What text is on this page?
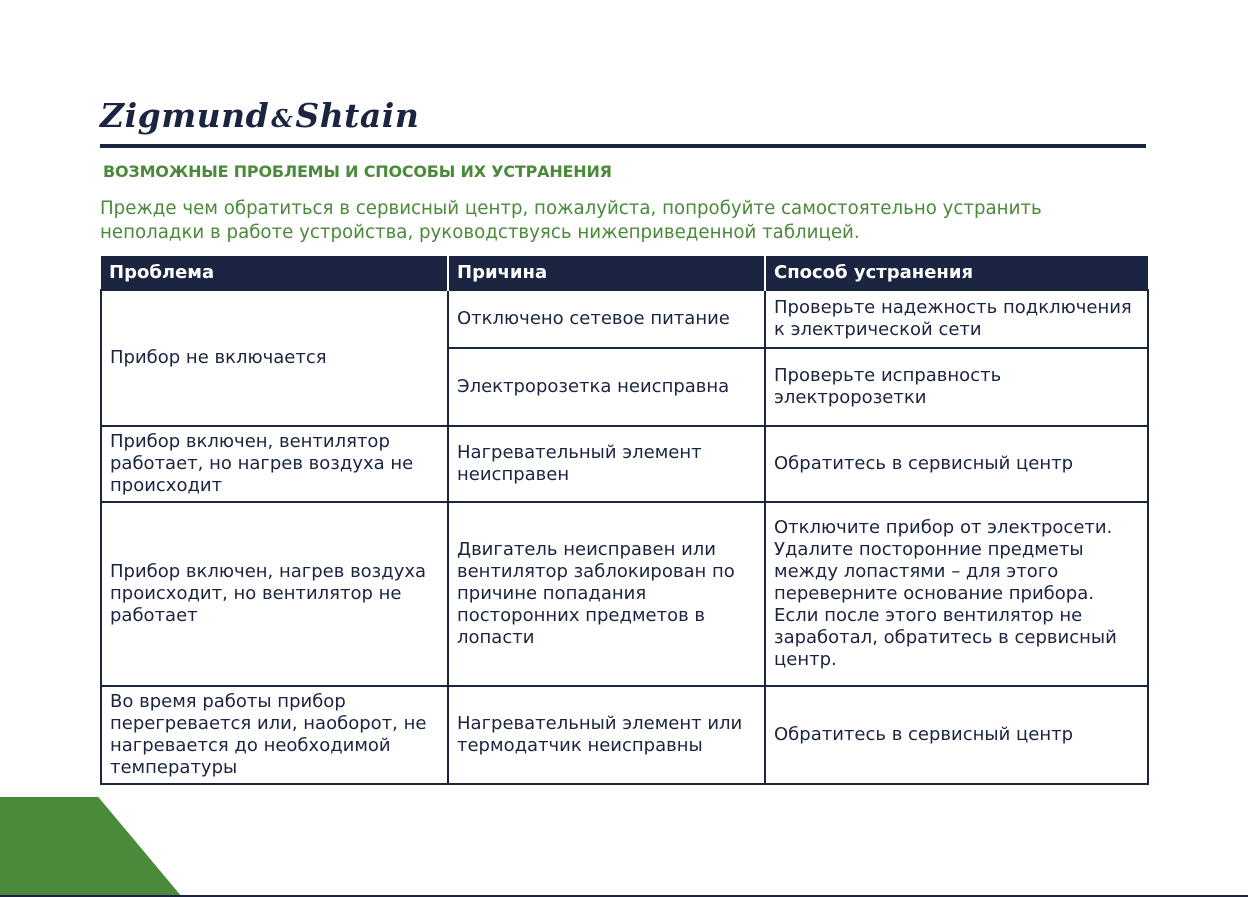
Zigmund&Shtain
ВОЗМОЖНЫЕ ПРОБЛЕМЫ И СПОСОБЫ ИХ УСТРАНЕНИЯ

Прежде чем обратиться в сервисный центр, пожалуйста, попробуйте самостоятельно устранить неполадки в работе устройства, руководствуясь нижеприведенной таблицей.

Проблема	Причина	Способ устранения
Прибор не включается	Отключено сетевое питание	Проверьте надежность подключения к электрической сети
	Электророзетка неисправна	Проверьте исправность электророзетки
Прибор включен, вентилятор работает, но нагрев воздуха не происходит	Нагревательный элемент неисправен	Обратитесь в сервисный центр
Прибор включен, нагрев воздуха происходит, но вентилятор не работает	Двигатель неисправен или вентилятор заблокирован по причине попадания посторонних предметов в лопасти	Отключите прибор от электросети. Удалите посторонние предметы между лопастями – для этого переверните основание прибора. Если после этого вентилятор не заработал, обратитесь в сервисный центр.
Во время работы прибор перегревается или, наоборот, не нагревается до необходимой температуры	Нагревательный элемент или термодатчик неисправны	Обратитесь в сервисный центр
